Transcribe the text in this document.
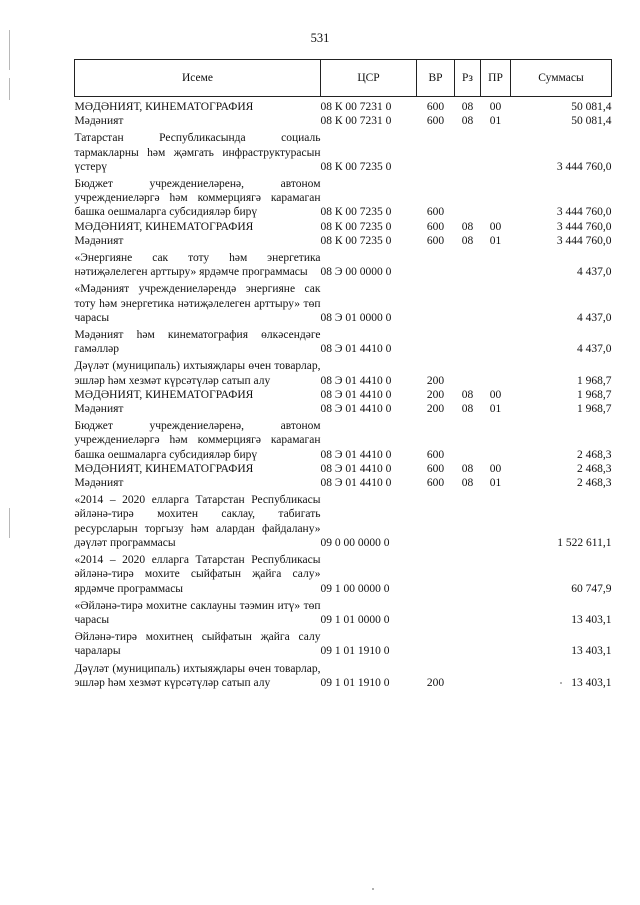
531
Исеме	ЦСР	ВР	Рз	ПР	Суммасы

МӘДӘНИЯТ, КИНЕМАТОГРАФИЯ	08 К 00 7231 0	600	08	00	50 081,4
Мәдәният	08 К 00 7231 0	600	08	01	50 081,4

Татарстан Республикасында социаль тармакларны һәм җәмгать инфраструктурасын үстерү	08 К 00 7235 0				3 444 760,0

Бюджет учреждениеләренә, автоном учреждениеләргә һәм коммерциягә карамаган башка оешмаларга субсидияләр бирү	08 К 00 7235 0	600			3 444 760,0
МӘДӘНИЯТ, КИНЕМАТОГРАФИЯ	08 К 00 7235 0	600	08	00	3 444 760,0
Мәдәният	08 К 00 7235 0	600	08	01	3 444 760,0

«Энергияне сак тоту һәм энергетика нәтиҗәлелеген арттыру» ярдәмче программасы	08 Э 00 0000 0				4 437,0

«Мәдәният учреждениеләрендә энергияне сак тоту һәм энергетика нәтиҗәлелеген арттыру» төп чарасы	08 Э 01 0000 0				4 437,0

Мәдәният һәм кинематография өлкәсендәге гамәлләр	08 Э 01 4410 0				4 437,0

Дәүләт (муниципаль) ихтыяҗлары өчен товарлар, эшләр һәм хезмәт күрсәтүләр сатып алу	08 Э 01 4410 0	200			1 968,7
МӘДӘНИЯТ, КИНЕМАТОГРАФИЯ	08 Э 01 4410 0	200	08	00	1 968,7
Мәдәният	08 Э 01 4410 0	200	08	01	1 968,7

Бюджет учреждениеләренә, автоном учреждениеләргә һәм коммерциягә карамаган башка оешмаларга субсидияләр бирү	08 Э 01 4410 0	600			2 468,3
МӘДӘНИЯТ, КИНЕМАТОГРАФИЯ	08 Э 01 4410 0	600	08	00	2 468,3
Мәдәният	08 Э 01 4410 0	600	08	01	2 468,3

«2014 – 2020 елларга Татарстан Республикасы әйләнә-тирә мохитен саклау, табигать ресурсларын торгызу һәм алардан файдалану» дәүләт программасы	09 0 00 0000 0				1 522 611,1

«2014 – 2020 елларга Татарстан Республикасы әйләнә-тирә мохите сыйфатын җайга салу» ярдәмче программасы	09 1 00 0000 0				60 747,9

«Әйләнә-тирә мохитне саклауны тәэмин итү» төп чарасы	09 1 01 0000 0				13 403,1

Әйләнә-тирә мохитнең сыйфатын җайга салу чаралары	09 1 01 1910 0				13 403,1

Дәүләт (муниципаль) ихтыяҗлары өчен товарлар, эшләр һәм хезмәт күрсәтүләр сатып алу	09 1 01 1910 0	200			13 403,1
